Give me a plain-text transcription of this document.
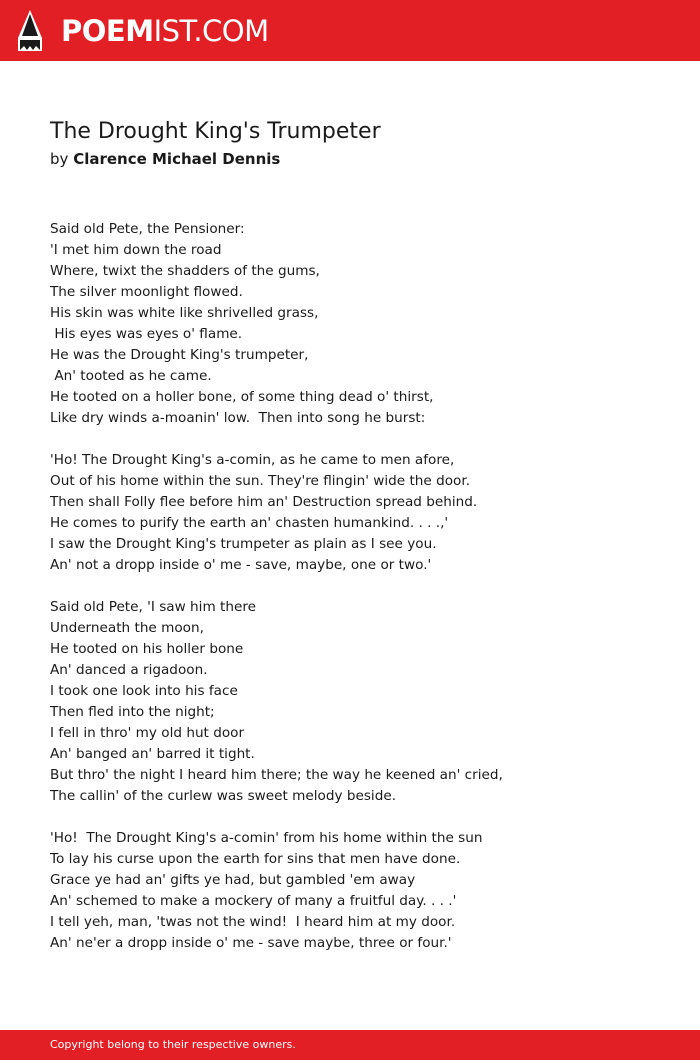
POEMIST.COM
The Drought King's Trumpeter
by Clarence Michael Dennis
Said old Pete, the Pensioner:
'I met him down the road
Where, twixt the shadders of the gums,
The silver moonlight flowed.
His skin was white like shrivelled grass,
His eyes was eyes o' flame.
He was the Drought King's trumpeter,
An' tooted as he came.
He tooted on a holler bone, of some thing dead o' thirst,
Like dry winds a-moanin' low.  Then into song he burst:
'Ho! The Drought King's a-comin, as he came to men afore,
Out of his home within the sun. They're flingin' wide the door.
Then shall Folly flee before him an' Destruction spread behind.
He comes to purify the earth an' chasten humankind. . . .,'
I saw the Drought King's trumpeter as plain as I see you.
An' not a dropp inside o' me - save, maybe, one or two.'
Said old Pete, 'I saw him there
Underneath the moon,
He tooted on his holler bone
An' danced a rigadoon.
I took one look into his face
Then fled into the night;
I fell in thro' my old hut door
An' banged an' barred it tight.
But thro' the night I heard him there; the way he keened an' cried,
The callin' of the curlew was sweet melody beside.
'Ho!  The Drought King's a-comin' from his home within the sun
To lay his curse upon the earth for sins that men have done.
Grace ye had an' gifts ye had, but gambled 'em away
An' schemed to make a mockery of many a fruitful day. . . .'
I tell yeh, man, 'twas not the wind!  I heard him at my door.
An' ne'er a dropp inside o' me - save maybe, three or four.'
Copyright belong to their respective owners.
